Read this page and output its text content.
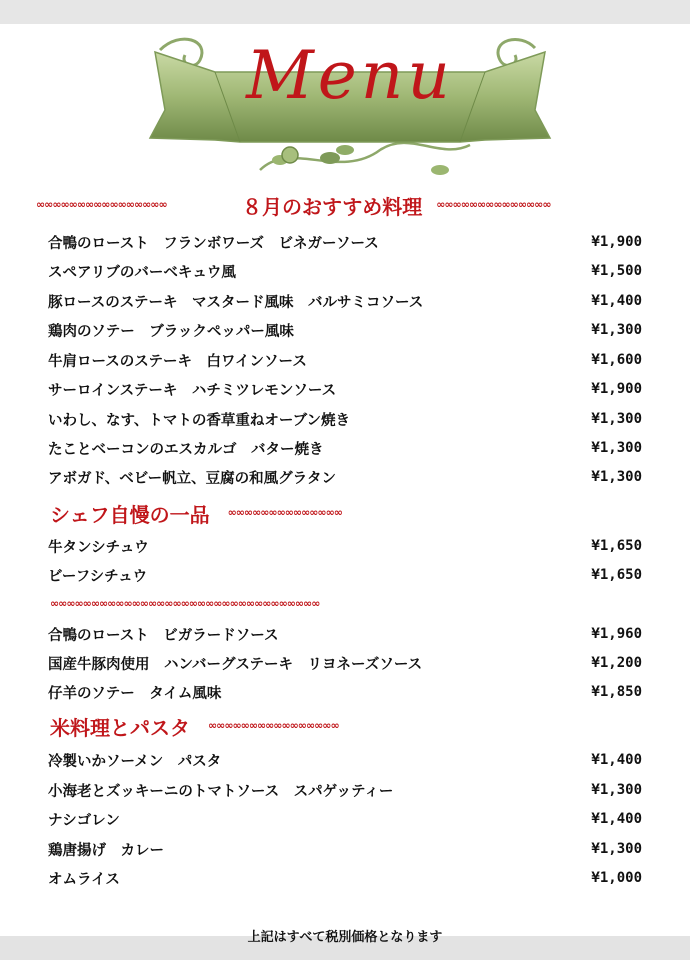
Menu
∞∞∞∞∞∞∞∞∞∞∞∞∞∞∞∞	８月のおすすめ料理 ∞∞∞∞∞∞∞∞∞∞∞∞∞∞
合鴨のロースト　フランボワーズ　ビネガーソース	¥1,900
スペアリブのバーベキュウ風	¥1,500
豚ロースのステーキ　マスタード風味　バルサミコソース	¥1,400
鶏肉のソテー　ブラックペッパー風味	¥1,300
牛肩ロースのステーキ　白ワインソース	¥1,600
サーロインステーキ　ハチミツレモンソース	¥1,900
いわし、なす、トマトの香草重ねオーブン焼き	¥1,300
たことベーコンのエスカルゴ　バター焼き	¥1,300
アボガド、ベビー帆立、豆腐の和風グラタン	¥1,300
シェフ自慢の一品 ∞∞∞∞∞∞∞∞∞∞∞∞∞∞
牛タンシチュウ	¥1,650
ビーフシチュウ	¥1,650
∞∞∞∞∞∞∞∞∞∞∞∞∞∞∞∞∞∞∞∞∞∞∞∞∞∞∞∞∞∞∞∞∞
合鴨のロースト　ビガラードソース	¥1,960
国産牛豚肉使用　ハンバーグステーキ　リヨネーズソース	¥1,200
仔羊のソテー　タイム風味	¥1,850
米料理とパスタ ∞∞∞∞∞∞∞∞∞∞∞∞∞∞∞∞
冷製いかソーメン　パスタ	¥1,400
小海老とズッキーニのトマトソース　スパゲッティー	¥1,300
ナシゴレン	¥1,400
鶏唐揚げ　カレー	¥1,300
オムライス	¥1,000
上記はすべて税別価格となります
